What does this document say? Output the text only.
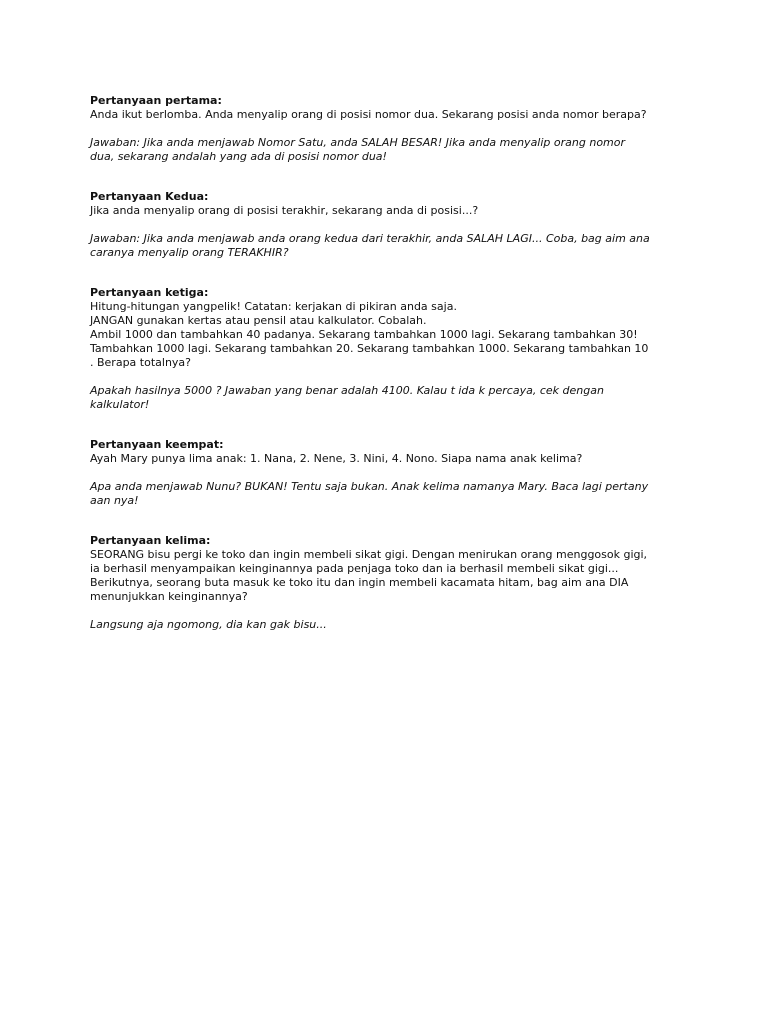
Pertanyaan pertama:

Anda ikut berlomba. Anda menyalip orang di posisi nomor dua. Sekarang posisi anda nomor berapa?

Jawaban: Jika anda menjawab Nomor Satu, anda SALAH BESAR! Jika anda menyalip orang nomor

dua, sekarang andalah yang ada di posisi nomor dua!

Pertanyaan Kedua:

Jika anda menyalip orang di posisi terakhir, sekarang anda di posisi...?

Jawaban: Jika anda menjawab anda orang kedua dari terakhir, anda SALAH LAGI... Coba, bag aim ana

caranya menyalip orang TERAKHIR?

Pertanyaan ketiga:

Hitung-hitungan yangpelik! Catatan: kerjakan di pikiran anda saja.

JANGAN gunakan kertas atau pensil atau kalkulator. Cobalah.

Ambil 1000 dan tambahkan 40 padanya. Sekarang tambahkan 1000 lagi. Sekarang tambahkan 30!

Tambahkan 1000 lagi. Sekarang tambahkan 20. Sekarang tambahkan 1000. Sekarang tambahkan 10

. Berapa totalnya?

Apakah hasilnya 5000 ? Jawaban yang benar adalah 4100. Kalau t ida k percaya, cek dengan

kalkulator!

Pertanyaan keempat:

Ayah Mary punya lima anak: 1. Nana, 2. Nene, 3. Nini, 4. Nono. Siapa nama anak kelima?

Apa anda menjawab Nunu? BUKAN! Tentu saja bukan. Anak kelima namanya Mary. Baca lagi pertany

aan nya!

Pertanyaan kelima:

SEORANG bisu pergi ke toko dan ingin membeli sikat gigi. Dengan menirukan orang menggosok gigi,

ia berhasil menyampaikan keinginannya pada penjaga toko dan ia berhasil membeli sikat gigi...

Berikutnya, seorang buta masuk ke toko itu dan ingin membeli kacamata hitam, bag aim ana DIA

menunjukkan keinginannya?

Langsung aja ngomong, dia kan gak bisu...
